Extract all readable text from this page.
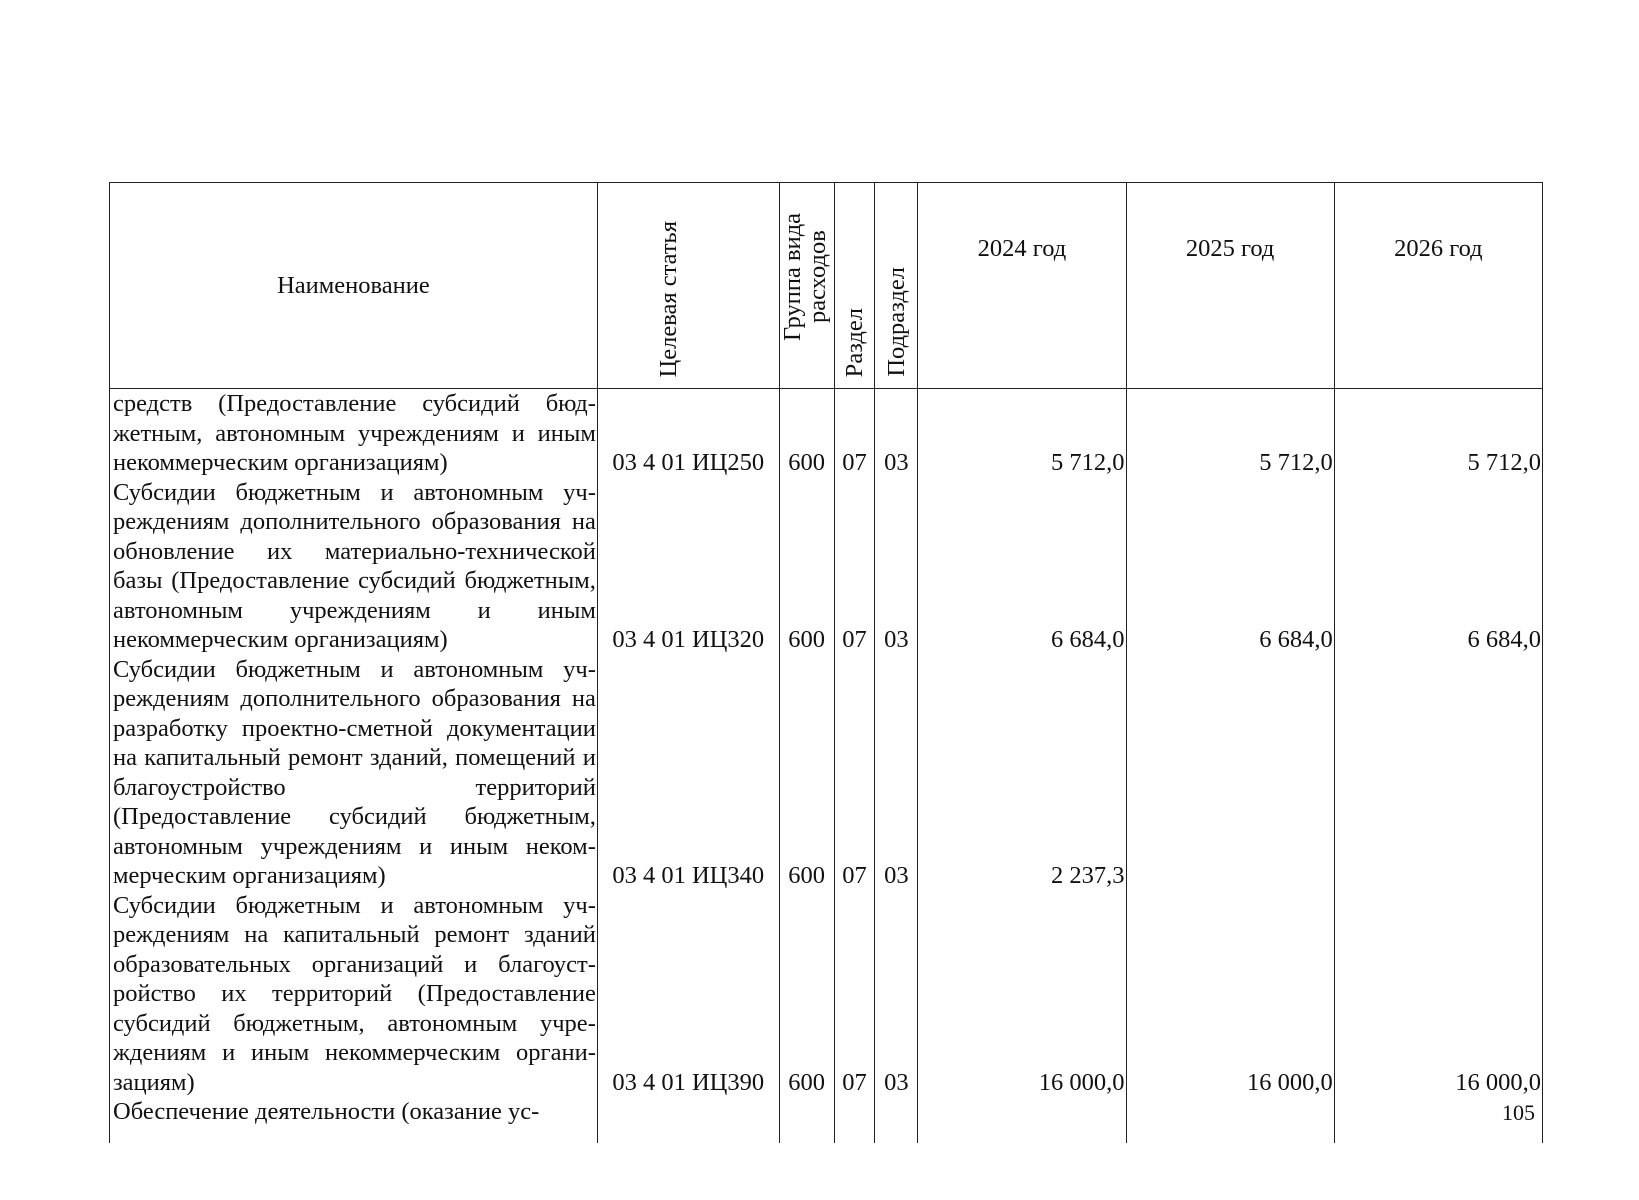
Наименование	Целевая статья	Группа вида расходов	Раздел	Подраздел	2024 год	2025 год	2026 год
средств (Предоставление субсидий бюджетным, автономным учреждениям и иным некоммерческим организациям)	03 4 01 ИЦ250	600	07	03	5 712,0	5 712,0	5 712,0
Субсидии бюджетным и автономным учреждениям дополнительного образования на обновление их материально-технической базы (Предоставление субсидий бюджетным, автономным учреждениям и иным некоммерческим организациям)	03 4 01 ИЦ320	600	07	03	6 684,0	6 684,0	6 684,0
Субсидии бюджетным и автономным учреждениям дополнительного образования на разработку проектно-сметной документации на капитальный ремонт зданий, помещений и благоустройство территорий (Предоставление субсидий бюджетным, автономным учреждениям и иным некоммерческим организациям)	03 4 01 ИЦ340	600	07	03	2 237,3		
Субсидии бюджетным и автономным учреждениям на капитальный ремонт зданий образовательных организаций и благоустройство их территорий (Предоставление субсидий бюджетным, автономным учреждениям и иным некоммерческим организациям)	03 4 01 ИЦ390	600	07	03	16 000,0	16 000,0	16 000,0
Обеспечение деятельности (оказание ус-								105
